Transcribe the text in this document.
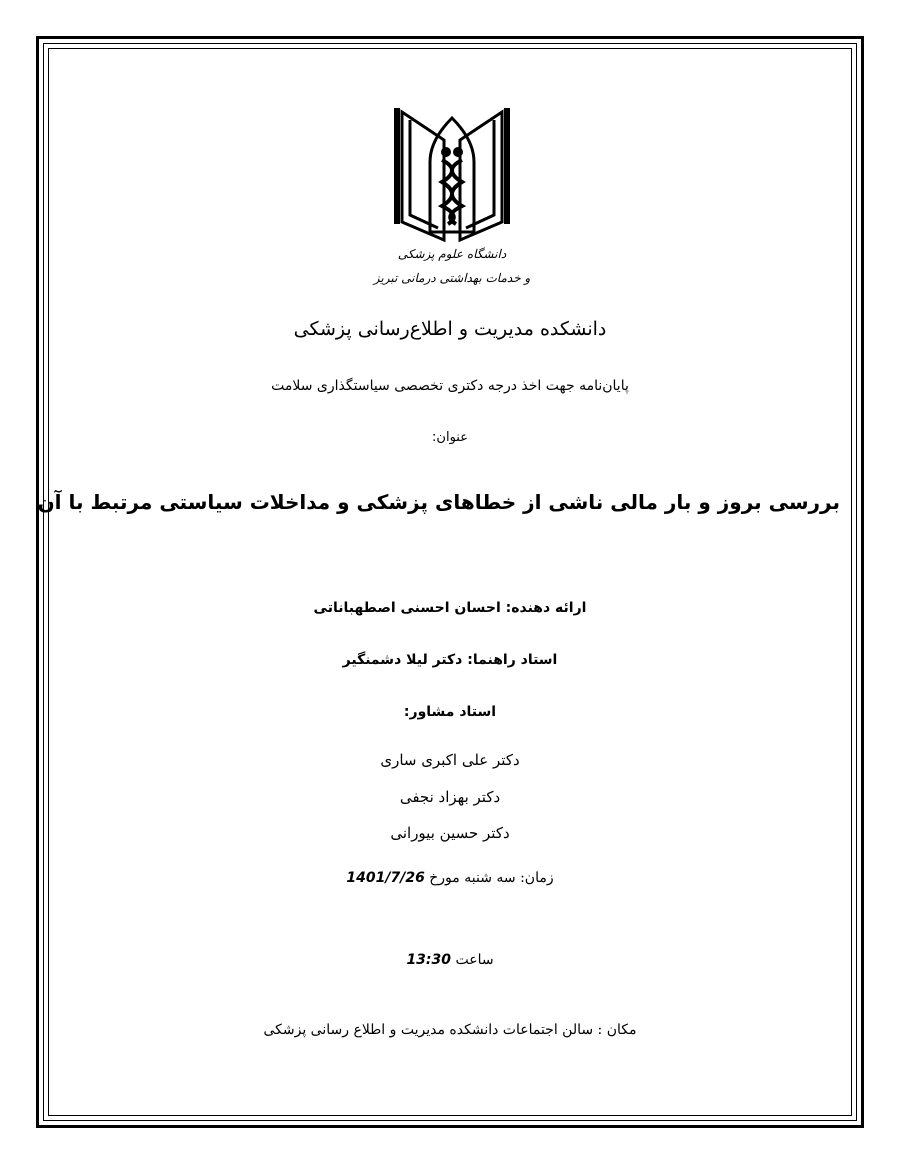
دانشگاه علوم پزشکی
و خدمات بهداشتی درمانی تبریز
دانشکده مدیریت و اطلاع‌رسانی پزشکی
پایان‌نامه جهت اخذ درجه دکتری تخصصی سیاستگذاری سلامت
عنوان:
بررسی بروز و بار مالی ناشی از خطاهای پزشکی و مداخلات سیاستی مرتبط با آن
ارائه دهنده: احسان احسنی اصطهباناتی
استاد راهنما: دکتر لیلا دشمنگیر
استاد مشاور:
دکتر علی اکبری ساری
دکتر بهزاد نجفی
دکتر حسین بیورانی
زمان: سه شنبه مورخ 1401/7/26
ساعت 13:30
مکان : سالن اجتماعات دانشکده مدیریت و اطلاع رسانی پزشکی
